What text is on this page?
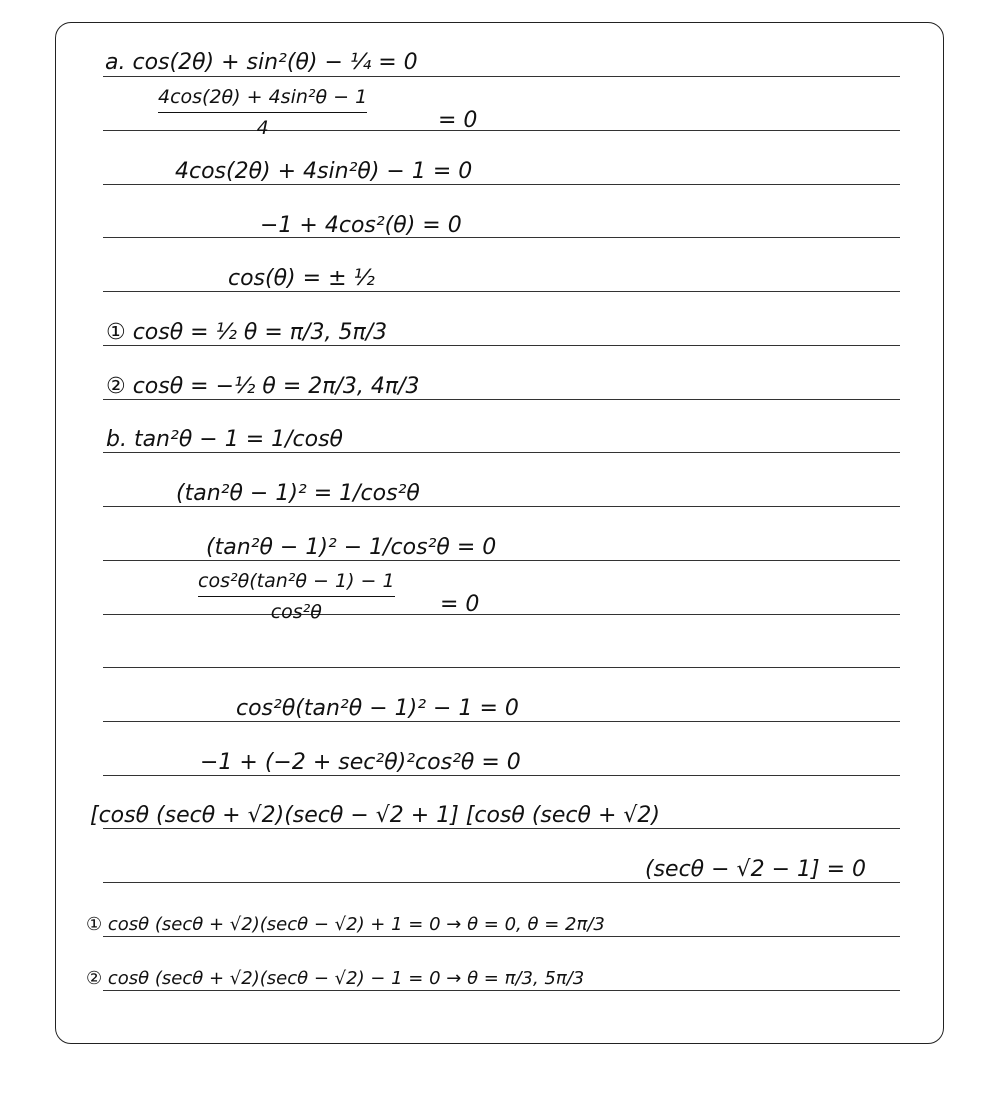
a. cos(2θ) + sin²(θ) − ¼ = 0
$\frac{\text{4cos(2θ) + 4sin²θ − 1}}{4}$	= 0
4cos(2θ) + 4sin²θ) − 1 = 0
−1 + 4cos²(θ) = 0
cos(θ) = ± ½
① cosθ = ½ θ = π/3, 5π/3
② cosθ = −½ θ = 2π/3, 4π/3
b. tan²θ − 1 = 1/cosθ
(tan²θ − 1)² = 1/cos²θ
(tan²θ − 1)² − 1/cos²θ = 0
$\frac{\text{cos²θ(tan²θ − 1) − 1}}{\text{cos²θ}} = 0$
cos²θ(tan²θ − 1)² − 1 = 0
−1 + (−2 + sec²θ)²cos²θ = 0
[cosθ (secθ + √2)(secθ − √2 + 1] [cosθ (secθ + √2)
(secθ − √2 − 1] = 0
① cosθ (secθ + √2)(secθ − √2) + 1 = 0 → θ = 0, θ = 2π/3
② cosθ (secθ + √2)(secθ − √2) − 1 = 0 → θ = π/3, 5π/3
